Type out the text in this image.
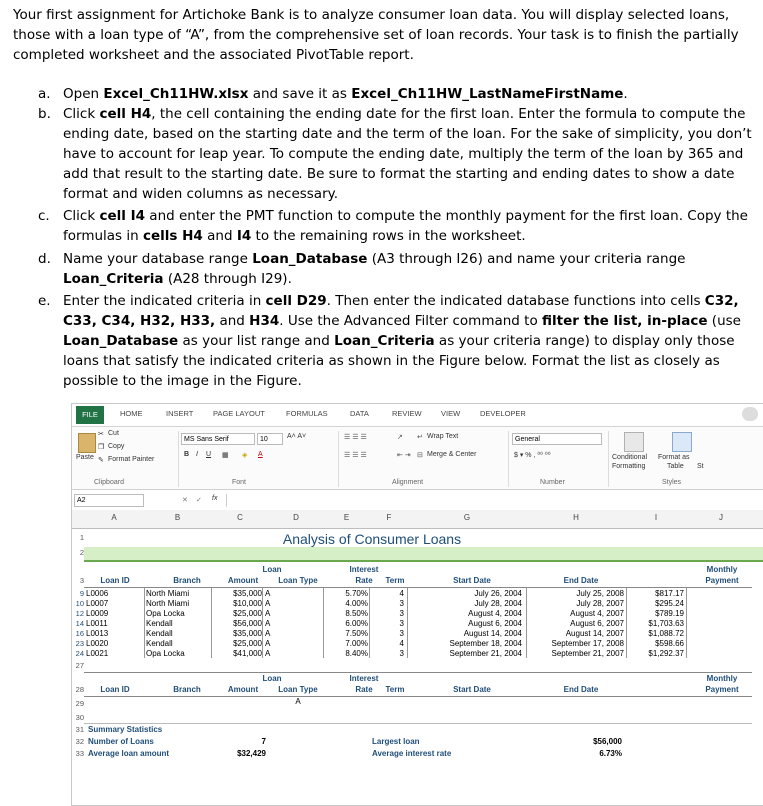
Your first assignment for Artichoke Bank is to analyze consumer loan data. You will display selected loans, those with a loan type of “A”, from the comprehensive set of loan records. Your task is to finish the partially completed worksheet and the associated PivotTable report.

a. Open Excel_Ch11HW.xlsx and save it as Excel_Ch11HW_LastNameFirstName.
b. Click cell H4, the cell containing the ending date for the first loan. Enter the formula to compute the ending date, based on the starting date and the term of the loan. For the sake of simplicity, you don’t have to account for leap year. To compute the ending date, multiply the term of the loan by 365 and add that result to the starting date. Be sure to format the starting and ending dates to show a date format and widen columns as necessary.
c. Click cell I4 and enter the PMT function to compute the monthly payment for the first loan. Copy the formulas in cells H4 and I4 to the remaining rows in the worksheet.
d. Name your database range Loan_Database (A3 through I26) and name your criteria range Loan_Criteria (A28 through I29).
e. Enter the indicated criteria in cell D29. Then enter the indicated database functions into cells C32, C33, C34, H32, H33, and H34. Use the Advanced Filter command to filter the list, in-place (use Loan_Database as your list range and Loan_Criteria as your criteria range) to display only those loans that satisfy the indicated criteria as shown in the Figure below. Format the list as closely as possible to the image in the Figure.
FILE	HOME	INSERT	PAGE LAYOUT	FORMULAS	DATA	REVIEW	VIEW	DEVELOPER
Paste
✂ Cut
❐ Copy
✎ Format Painter
Clipboard
MS Sans Serif	10	A˄ A˅
B I U ▦ ◈ A
Font
☰ ☰ ☰
☰ ☰ ☰
↗
⇤ ⇥
↵ Wrap Text
⊟ Merge & Center
Alignment
General
$ ▾ % , ⁰⁰ ⁰⁰
Number
Conditional
Formatting
Format as
Table St
Styles
A2	✕ ✓ fx
A	B	C	D	E	F	G	H	I	J
1
2
Analysis of Consumer Loans
Loan	Interest	Monthly
3	Loan ID	Branch	Amount	Loan Type	Rate	Term	Start Date	End Date	Payment
9 L0006	North Miami	$35,000 A	5.70%	4	July 26, 2004	July 25, 2008	$817.17
10 L0007	North Miami	$10,000 A	4.00%	3	July 28, 2004	July 28, 2007	$295.24
12 L0009	Opa Locka	$25,000 A	8.50%	3	August 4, 2004	August 4, 2007	$789.19
14 L0011	Kendall	$56,000 A	6.00%	3	August 6, 2004	August 6, 2007	$1,703.63
16 L0013	Kendall	$35,000 A	7.50%	3	August 14, 2004	August 14, 2007	$1,088.72
23 L0020	Kendall	$25,000 A	7.00%	4	September 18, 2004	September 17, 2008	$598.66
24 L0021	Opa Locka	$41,000 A	8.40%	3	September 21, 2004	September 21, 2007	$1,292.37
27
Loan	Interest	Monthly
28	Loan ID	Branch	Amount	Loan Type	Rate	Term	Start Date	End Date	Payment
29	A
30
31 Summary Statistics
32 Number of Loans	7	Largest loan	$56,000
33 Average loan amount	$32,429	Average interest rate	6.73%
